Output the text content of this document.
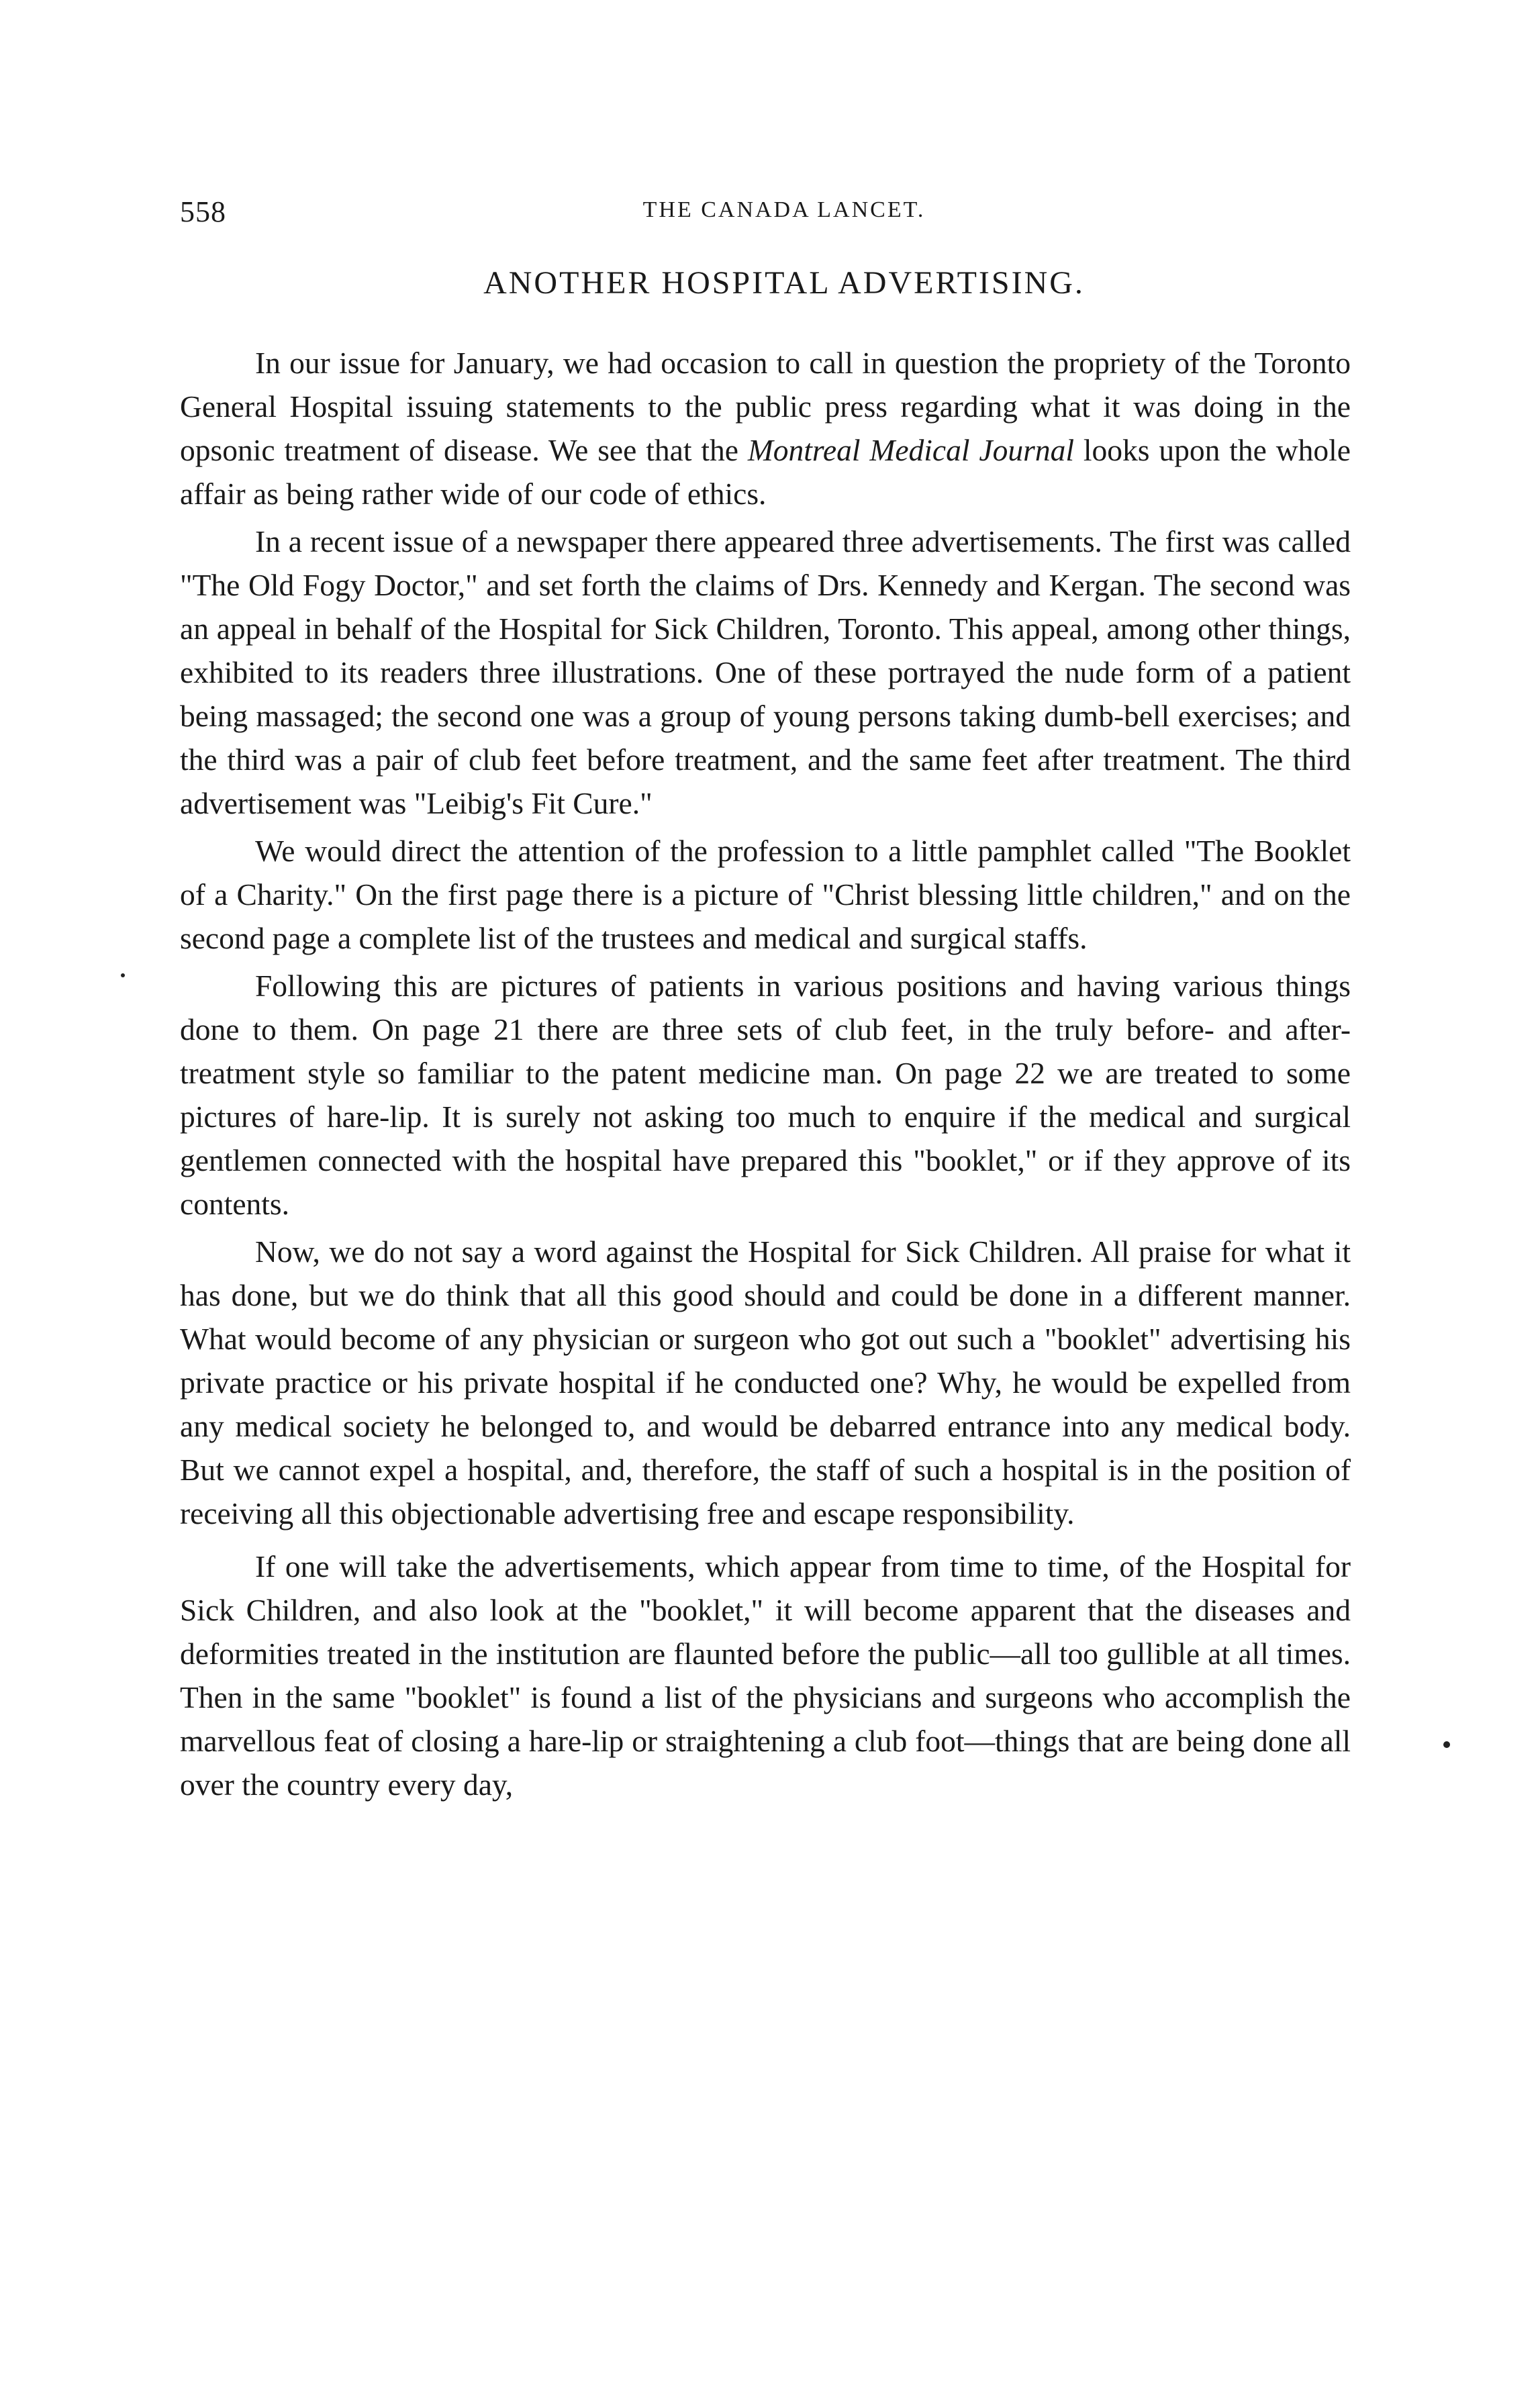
558	THE CANADA LANCET.
ANOTHER HOSPITAL ADVERTISING.

In our issue for January, we had occasion to call in question the propriety of the Toronto General Hospital issuing statements to the public press regarding what it was doing in the opsonic treatment of disease. We see that the Montreal Medical Journal looks upon the whole affair as being rather wide of our code of ethics.

In a recent issue of a newspaper there appeared three advertisements. The first was called "The Old Fogy Doctor," and set forth the claims of Drs. Kennedy and Kergan. The second was an appeal in behalf of the Hospital for Sick Children, Toronto. This appeal, among other things, exhibited to its readers three illustrations. One of these portrayed the nude form of a patient being massaged; the second one was a group of young persons taking dumb-bell exercises; and the third was a pair of club feet before treatment, and the same feet after treatment. The third advertisement was "Leibig's Fit Cure."

We would direct the attention of the profession to a little pamphlet called "The Booklet of a Charity." On the first page there is a picture of "Christ blessing little children," and on the second page a complete list of the trustees and medical and surgical staffs.

Following this are pictures of patients in various positions and having various things done to them. On page 21 there are three sets of club feet, in the truly before- and after-treatment style so familiar to the patent medicine man. On page 22 we are treated to some pictures of hare-lip. It is surely not asking too much to enquire if the medical and surgical gentlemen connected with the hospital have prepared this "booklet," or if they approve of its contents.

Now, we do not say a word against the Hospital for Sick Children. All praise for what it has done, but we do think that all this good should and could be done in a different manner. What would become of any physician or surgeon who got out such a "booklet" advertising his private practice or his private hospital if he conducted one? Why, he would be expelled from any medical society he belonged to, and would be debarred entrance into any medical body. But we cannot expel a hospital, and, therefore, the staff of such a hospital is in the position of receiving all this objectionable advertising free and escape responsibility.

If one will take the advertisements, which appear from time to time, of the Hospital for Sick Children, and also look at the "booklet," it will become apparent that the diseases and deformities treated in the institution are flaunted before the public—all too gullible at all times. Then in the same "booklet" is found a list of the physicians and surgeons who accomplish the marvellous feat of closing a hare-lip or straightening a club foot—things that are being done all over the country every day,
